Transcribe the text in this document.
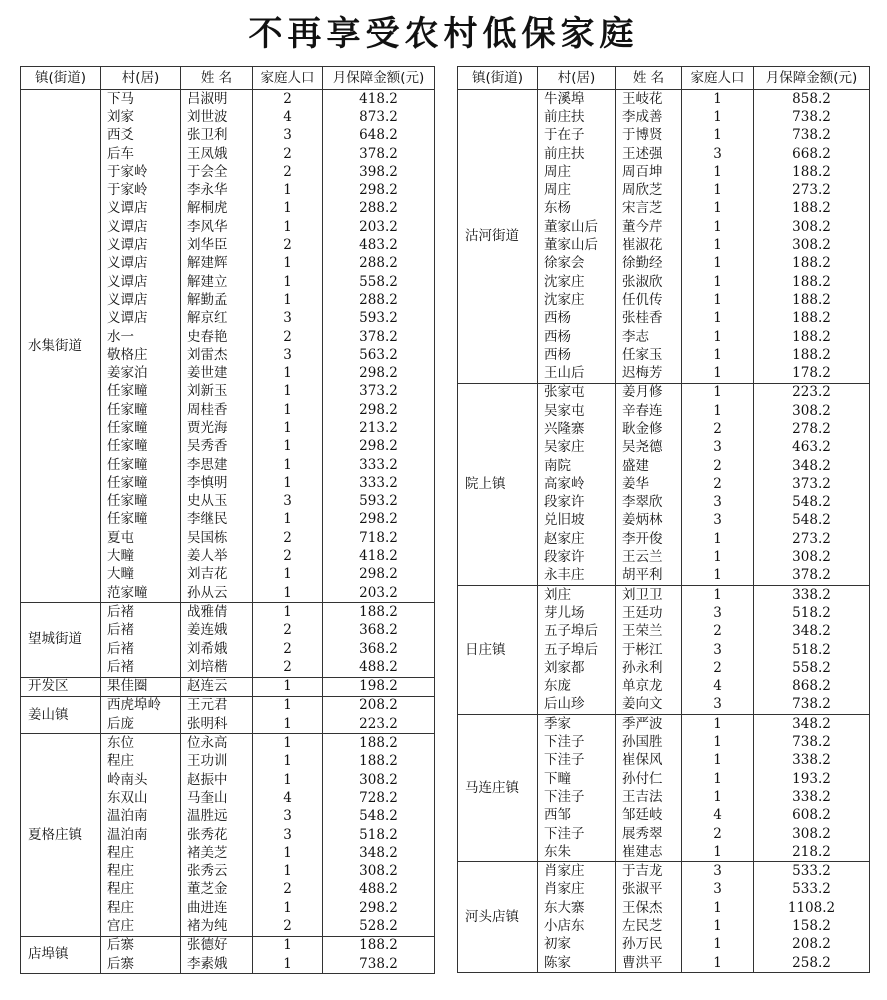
不再享受农村低保家庭
镇(街道)	村(居)	姓 名	家庭人口	月保障金额(元)
水集街道	下马	吕淑明	2	418.2
	刘家	刘世波	4	873.2
	西爻	张卫利	3	648.2
	后车	王凤娥	2	378.2
	于家岭	于会全	2	398.2
	于家岭	李永华	1	298.2
	义谭店	解桐虎	1	288.2
	义谭店	李风华	1	203.2
	义谭店	刘华臣	2	483.2
	义谭店	解建辉	1	288.2
	义谭店	解建立	1	558.2
	义谭店	解勤孟	1	288.2
	义谭店	解京红	3	593.2
	水一	史春艳	2	378.2
	敬格庄	刘雷杰	3	563.2
	姜家泊	姜世建	1	298.2
	任家疃	刘新玉	1	373.2
	任家疃	周桂香	1	298.2
	任家疃	贾光海	1	213.2
	任家疃	吴秀香	1	298.2
	任家疃	李思建	1	333.2
	任家疃	李慎明	1	333.2
	任家疃	史从玉	3	593.2
	任家疃	李继民	1	298.2
	夏屯	吴国栋	2	718.2
	大疃	姜人举	2	418.2
	大疃	刘吉花	1	298.2
	范家疃	孙从云	1	203.2
望城街道	后褚	战雅倩	1	188.2
	后褚	姜连娥	2	368.2
	后褚	刘希娥	2	368.2
	后褚	刘培楷	2	488.2
开发区	果佳圈	赵连云	1	198.2
姜山镇	西虎埠岭	王元君	1	208.2
	后庞	张明科	1	223.2
夏格庄镇	东位	位永高	1	188.2
	程庄	王功训	1	188.2
	岭南头	赵振中	1	308.2
	东双山	马奎山	4	728.2
	温泊南	温胜远	3	548.2
	温泊南	张秀花	3	518.2
	程庄	褚美芝	1	348.2
	程庄	张秀云	1	308.2
	程庄	董芝金	2	488.2
	程庄	曲进连	1	298.2
	宫庄	褚为纯	2	528.2
店埠镇	后寨	张德好	1	188.2
	后寨	李素娥	1	738.2
镇(街道)	村(居)	姓 名	家庭人口	月保障金额(元)
沽河街道	牛溪埠	王岐花	1	858.2
	前庄扶	李成善	1	738.2
	于在子	于博贤	1	738.2
	前庄扶	王述强	3	668.2
	周庄	周百坤	1	188.2
	周庄	周欣芝	1	273.2
	东杨	宋言芝	1	188.2
	董家山后	董今芹	1	308.2
	董家山后	崔淑花	1	308.2
	徐家会	徐勤经	1	188.2
	沈家庄	张淑欣	1	188.2
	沈家庄	任仉传	1	188.2
	西杨	张桂香	1	188.2
	西杨	李志	1	188.2
	西杨	任家玉	1	188.2
	王山后	迟梅芳	1	178.2
院上镇	张家屯	姜月修	1	223.2
	吴家屯	辛春连	1	308.2
	兴隆寨	耿金修	2	278.2
	吴家庄	吴尧德	3	463.2
	南院	盛建	2	348.2
	高家岭	姜华	2	373.2
	段家许	李翠欣	3	548.2
	兑旧坡	姜炳林	3	548.2
	赵家庄	李开俊	1	273.2
	段家许	王云兰	1	308.2
	永丰庄	胡平利	1	378.2
日庄镇	刘庄	刘卫卫	1	338.2
	芽儿场	王廷功	3	518.2
	五子埠后	王荣兰	2	348.2
	五子埠后	于彬江	3	518.2
	刘家都	孙永利	2	558.2
	东庞	单京龙	4	868.2
	后山珍	姜向文	3	738.2
马连庄镇	季家	季严波	1	348.2
	下洼子	孙国胜	1	738.2
	下洼子	崔保风	1	338.2
	下疃	孙付仁	1	193.2
	下洼子	王吉法	1	338.2
	西邹	邹廷岐	4	608.2
	下洼子	展秀翠	2	308.2
	东朱	崔建志	1	218.2
河头店镇	肖家庄	于吉龙	3	533.2
	肖家庄	张淑平	3	533.2
	东大寨	王保杰	1	1108.2
	小店东	左民芝	1	158.2
	初家	孙万民	1	208.2
	陈家	曹洪平	1	258.2
